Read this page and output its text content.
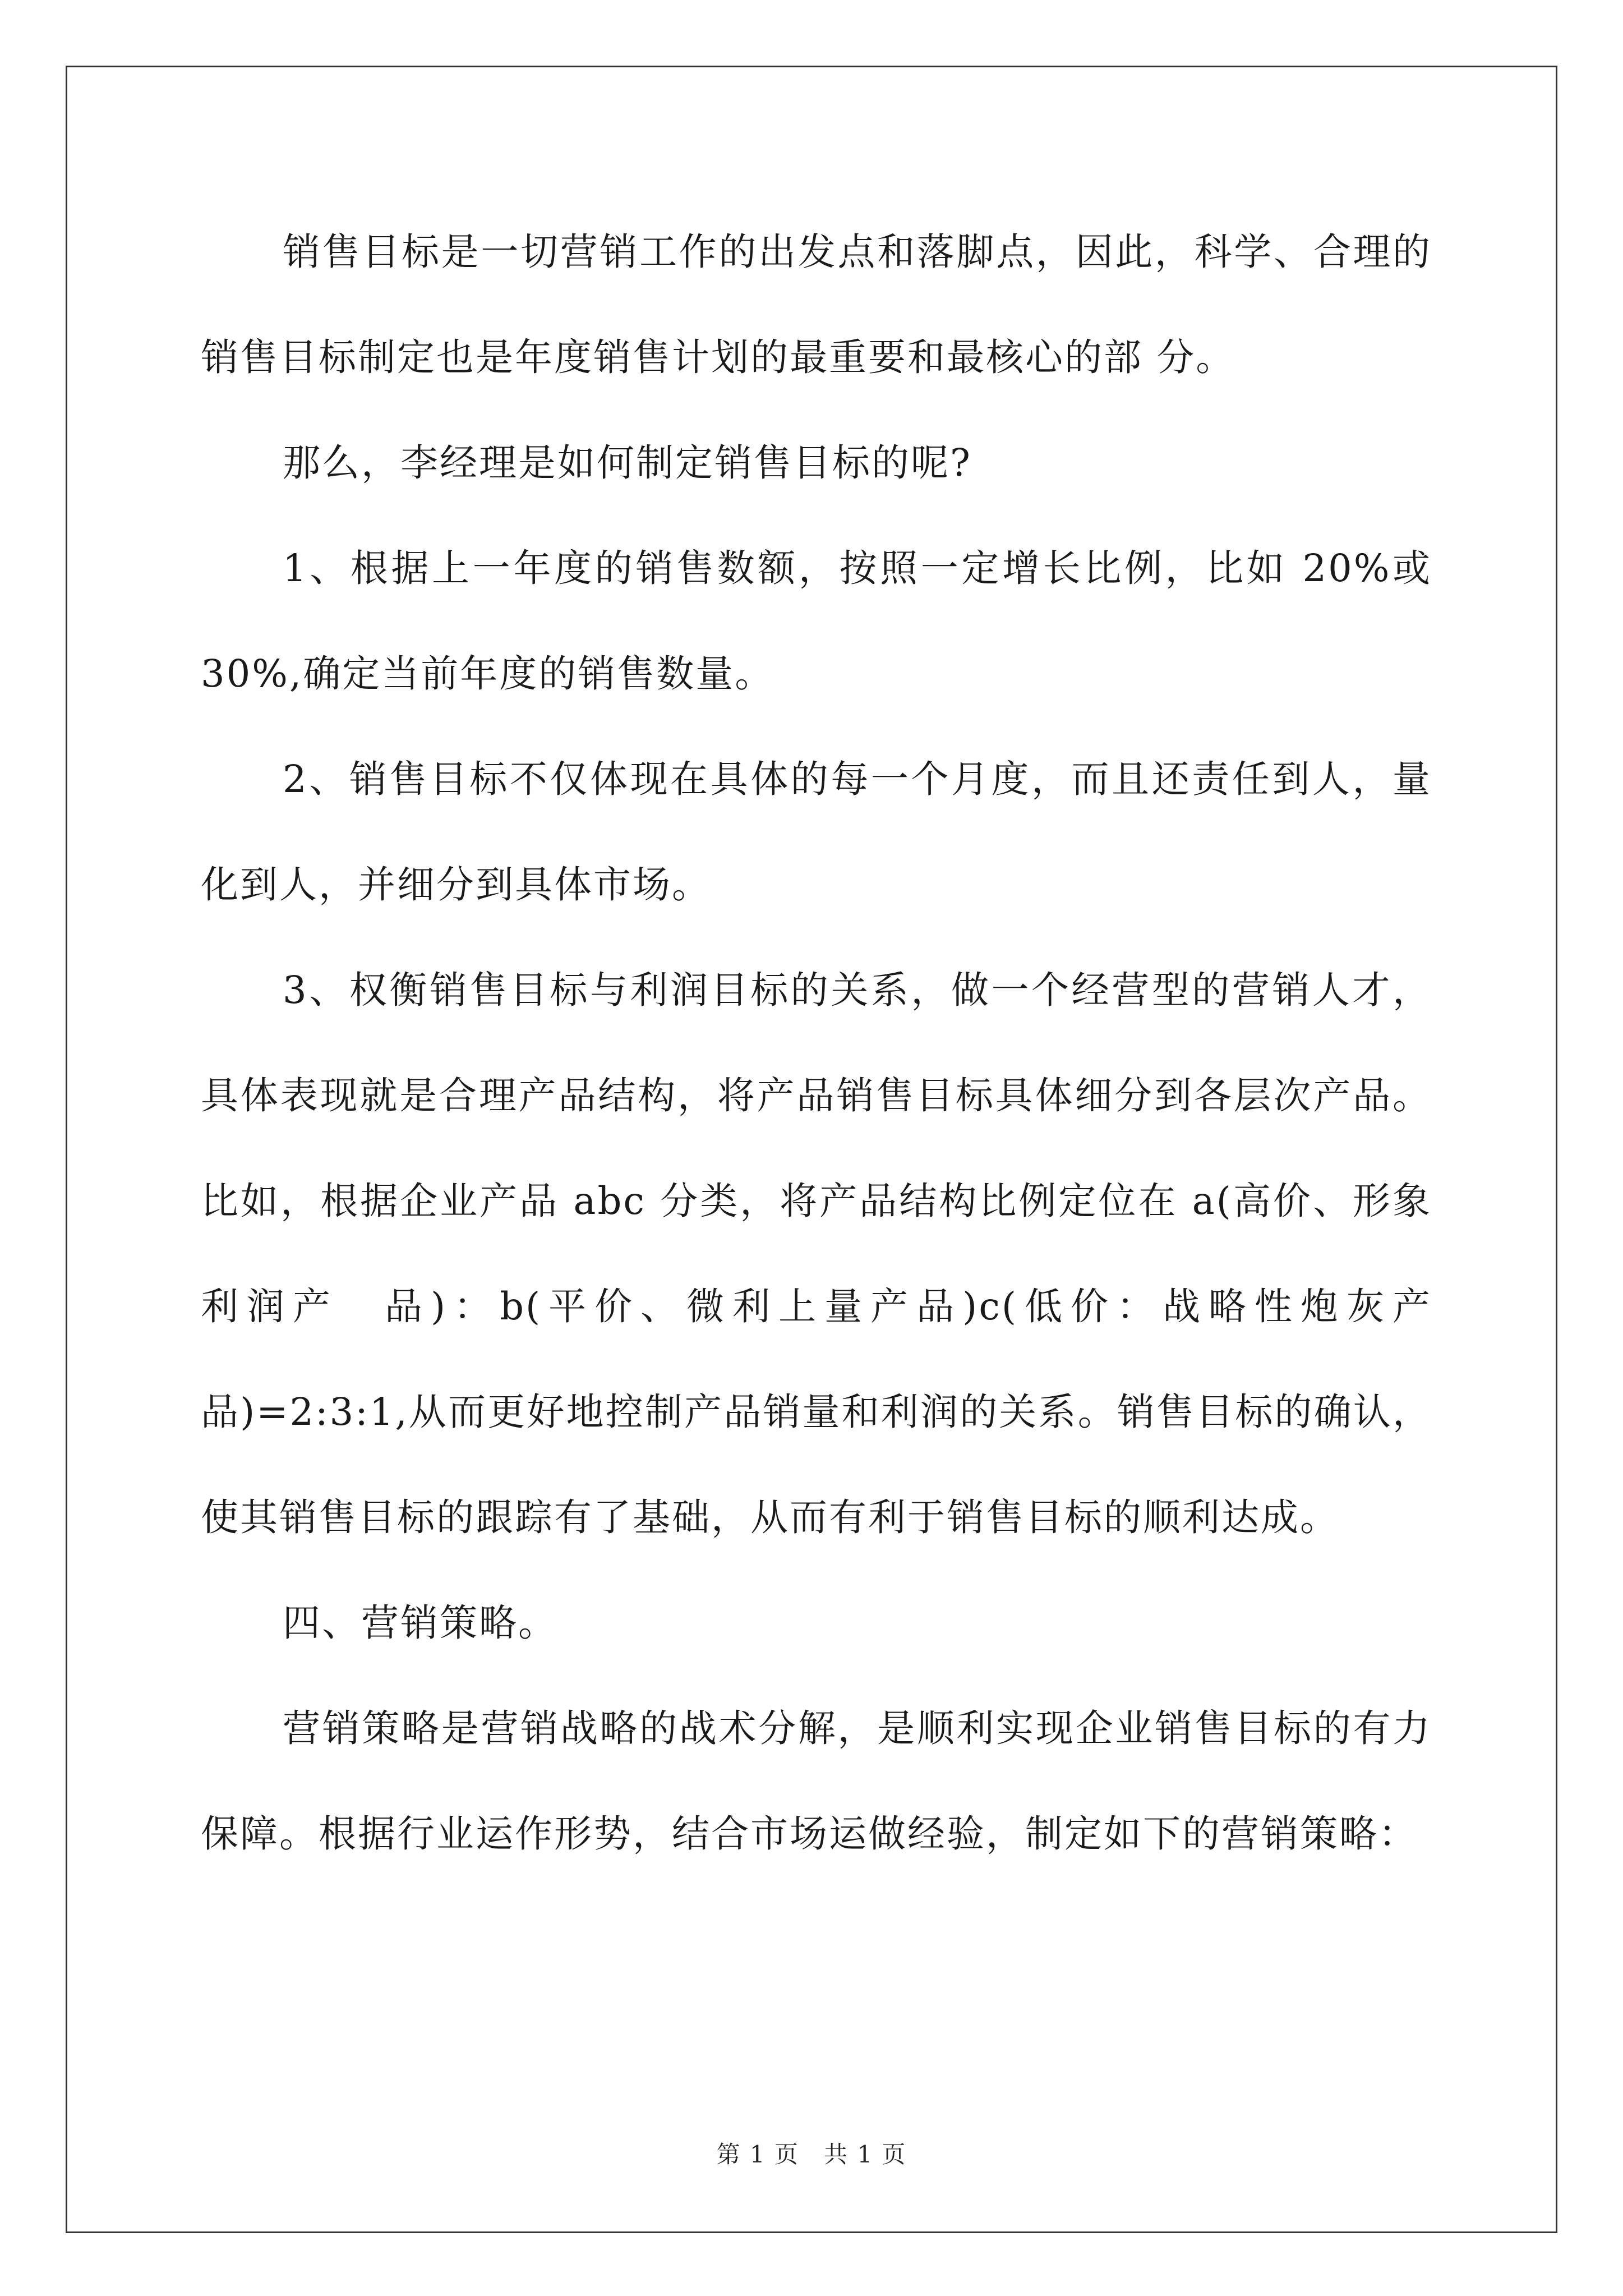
销售目标是一切营销工作的出发点和落脚点，因此，科学、合理的销售目标制定也是年度销售计划的最重要和最核心的部 分。

那么，李经理是如何制定销售目标的呢?

1、根据上一年度的销售数额，按照一定增长比例，比如 20%或 30%,确定当前年度的销售数量。

2、销售目标不仅体现在具体的每一个月度，而且还责任到人，量化到人，并细分到具体市场。

3、权衡销售目标与利润目标的关系，做一个经营型的营销人才，具体表现就是合理产品结构，将产品销售目标具体细分到各层次产品。比如，根据企业产品 abc 分类，将产品结构比例定位在 a(高价、形象利润产　品)：b(平价、微利上量产品)c(低价：战略性炮灰产品)=2:3:1,从而更好地控制产品销量和利润的关系。销售目标的确认，使其销售目标的跟踪有了基础，从而有利于销售目标的顺利达成。

四、营销策略。

营销策略是营销战略的战术分解，是顺利实现企业销售目标的有力保障。根据行业运作形势，结合市场运做经验，制定如下的营销策略：

第 1 页　共 1 页
